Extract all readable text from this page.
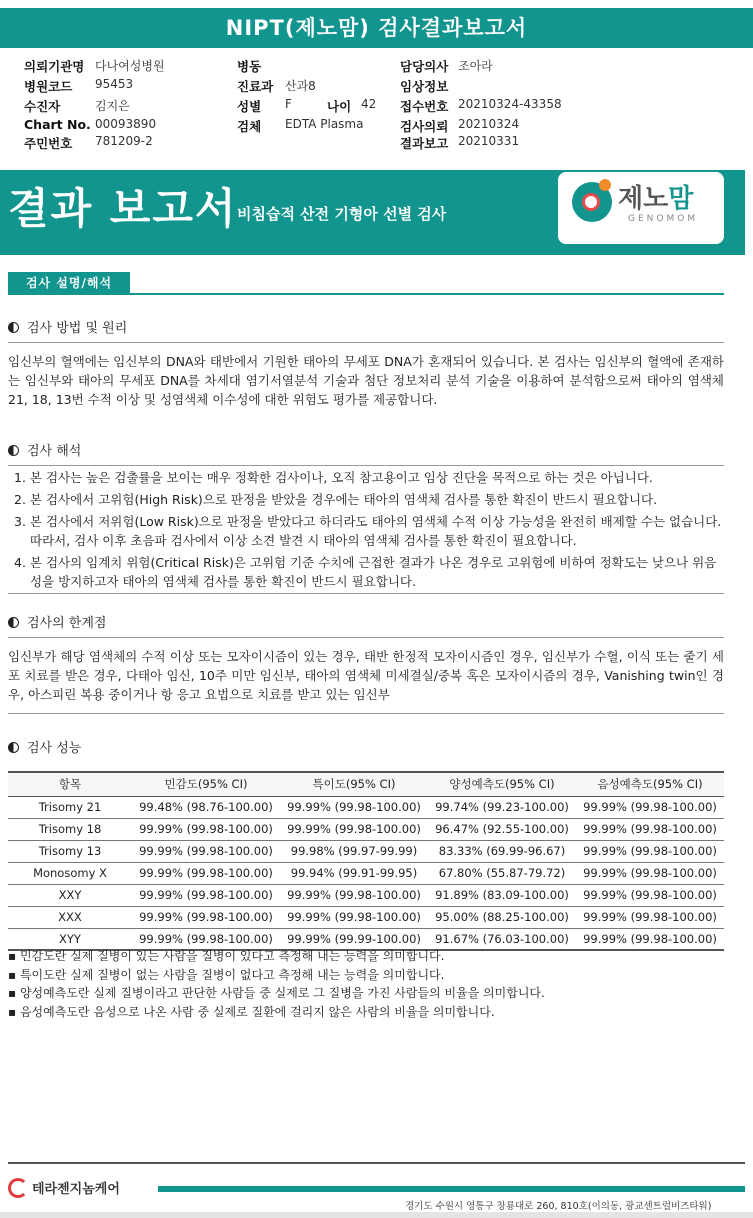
NIPT(제노맘) 검사결과보고서
의뢰기관명 다나여성병원
병원코드 95453
수진자	김지은
Chart No. 00093890
주민번호 781209-2
병동
진료과 산과8
성별 F	나이 42
검체 EDTA Plasma
담당의사 조아라
임상정보
접수번호 20210324-43358
검사의뢰 20210324
결과보고 20210331
결과 보고서 비침습적 산전 기형아 선별 검사	제노맘
GENOMOM
검사 설명/해석
검사 방법 및 원리
임신부의 혈액에는 임신부의 DNA와 태반에서 기원한 태아의 무세포 DNA가 혼재되어 있습니다. 본 검사는 임신부의 혈액에 존재하는 임신부와 태아의 무세포 DNA를 차세대 염기서열분석 기술과 첨단 정보처리 분석 기술을 이용하여 분석함으로써 태아의 염색체 21, 18, 13번 수적 이상 및 성염색체 이수성에 대한 위험도 평가를 제공합니다.
검사 해석
1. 본 검사는 높은 검출률을 보이는 매우 정확한 검사이나, 오직 참고용이고 임상 진단을 목적으로 하는 것은 아닙니다.
2. 본 검사에서 고위험(High Risk)으로 판정을 받았을 경우에는 태아의 염색체 검사를 통한 확진이 반드시 필요합니다.
3. 본 검사에서 저위험(Low Risk)으로 판정을 받았다고 하더라도 태아의 염색체 수적 이상 가능성을 완전히 배제할 수는 없습니다. 따라서, 검사 이후 초음파 검사에서 이상 소견 발견 시 태아의 염색체 검사를 통한 확진이 필요합니다.
4. 본 검사의 임계치 위험(Critical Risk)은 고위험 기준 수치에 근접한 결과가 나온 경우로 고위험에 비하여 정확도는 낮으나 위음성을 방지하고자 태아의 염색체 검사를 통한 확진이 반드시 필요합니다.
검사의 한계점
임신부가 해당 염색체의 수적 이상 또는 모자이시즘이 있는 경우, 태반 한정적 모자이시즘인 경우, 임신부가 수혈, 이식 또는 줄기 세포 치료를 받은 경우, 다태아 임신, 10주 미만 임신부, 태아의 염색체 미세결실/중복 혹은 모자이시즘의 경우, Vanishing twin인 경우, 아스피린 복용 중이거나 항 응고 요법으로 치료를 받고 있는 임신부
검사 성능
항목	민감도(95% CI)	특이도(95% CI)	양성예측도(95% CI)	음성예측도(95% CI)
Trisomy 21	99.48% (98.76-100.00)	99.99% (99.98-100.00)	99.74% (99.23-100.00)	99.99% (99.98-100.00)
Trisomy 18	99.99% (99.98-100.00)	99.99% (99.98-100.00)	96.47% (92.55-100.00)	99.99% (99.98-100.00)
Trisomy 13	99.99% (99.98-100.00)	99.98% (99.97-99.99)	83.33% (69.99-96.67)	99.99% (99.98-100.00)
Monosomy X	99.99% (99.98-100.00)	99.94% (99.91-99.95)	67.80% (55.87-79.72)	99.99% (99.98-100.00)
XXY	99.99% (99.98-100.00)	99.99% (99.98-100.00)	91.89% (83.09-100.00)	99.99% (99.98-100.00)
XXX	99.99% (99.98-100.00)	99.99% (99.98-100.00)	95.00% (88.25-100.00)	99.99% (99.98-100.00)
XYY	99.99% (99.98-100.00)	99.99% (99.99-100.00)	91.67% (76.03-100.00)	99.99% (99.98-100.00)
▪ 민감도란 실제 질병이 있는 사람을 질병이 있다고 측정해 내는 능력을 의미합니다.
▪ 특이도란 실제 질병이 없는 사람을 질병이 없다고 측정해 내는 능력을 의미합니다.
▪ 양성예측도란 실제 질병이라고 판단한 사람들 중 실제로 그 질병을 가진 사람들의 비율을 의미합니다.
▪ 음성예측도란 음성으로 나온 사람 중 실제로 질환에 걸리지 않은 사람의 비율을 의미합니다.
테라젠지놈케어
경기도 수원시 영통구 창룡대로 260, 810호(이의동, 광교센트럴비즈타워)
